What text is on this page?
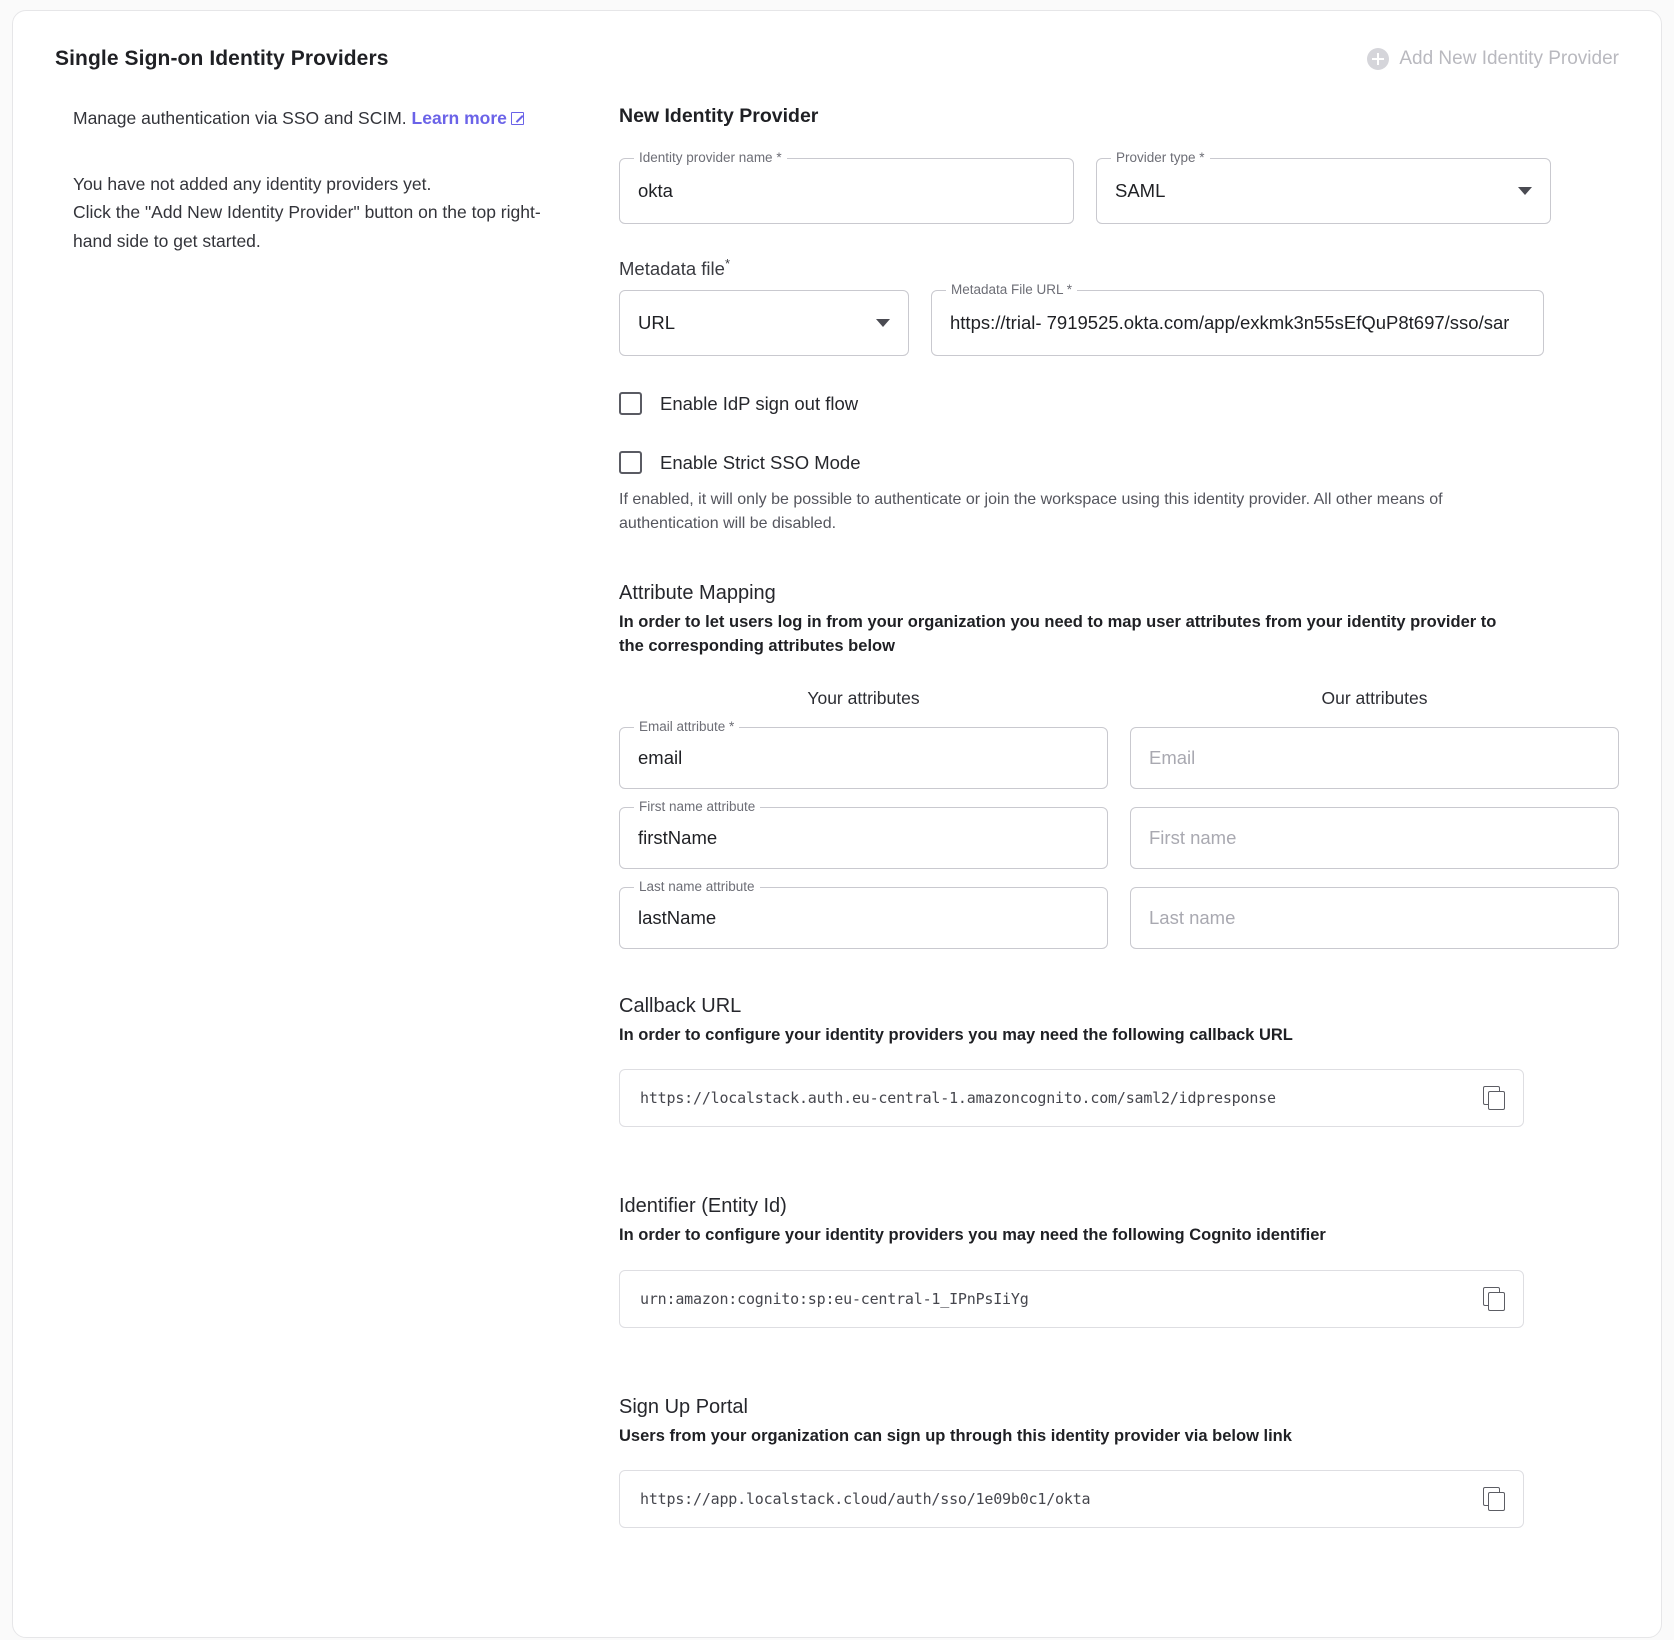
Single Sign-on Identity Providers	Add New Identity Provider
Manage authentication via SSO and SCIM. Learn more
You have not added any identity providers yet.
Click the "Add New Identity Provider" button on the top right-hand side to get started.
New Identity Provider
Identity provider name *
okta
Provider type *
SAML
Metadata file*
URL
Metadata File URL *
https://trial- 7919525.okta.com/app/exkmk3n55sEfQuP8t697/sso/sar
Enable IdP sign out flow
Enable Strict SSO Mode
If enabled, it will only be possible to authenticate or join the workspace using this identity provider. All other means of authentication will be disabled.
Attribute Mapping
In order to let users log in from your organization you need to map user attributes from your identity provider to the corresponding attributes below
Your attributes	Our attributes
Email attribute *
email	Email
First name attribute
firstName	First name
Last name attribute
lastName	Last name
Callback URL
In order to configure your identity providers you may need the following callback URL
https://localstack.auth.eu-central-1.amazoncognito.com/saml2/idpresponse
Identifier (Entity Id)
In order to configure your identity providers you may need the following Cognito identifier
urn:amazon:cognito:sp:eu-central-1_IPnPsIiYg
Sign Up Portal
Users from your organization can sign up through this identity provider via below link
https://app.localstack.cloud/auth/sso/1e09b0c1/okta
